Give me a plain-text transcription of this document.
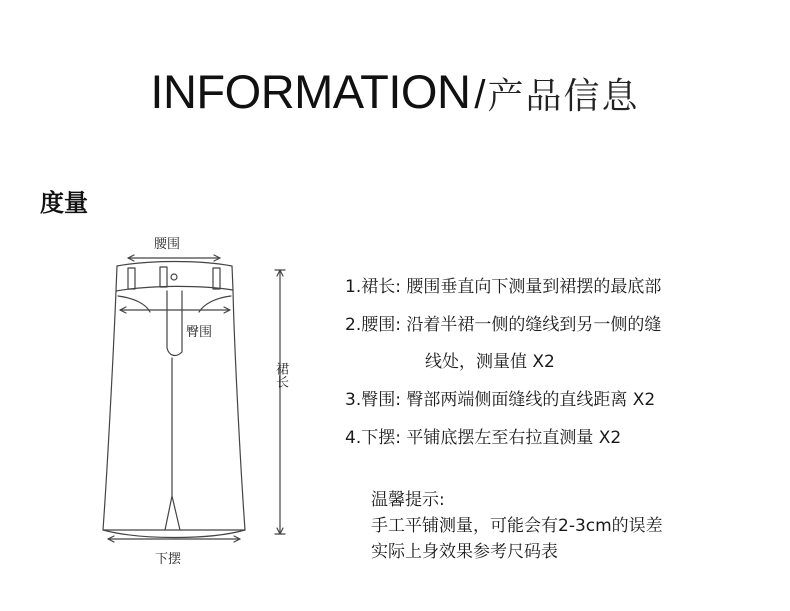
INFORMATION /产品信息
度量
腰围
臀围
裙长
下摆
1.裙长: 腰围垂直向下测量到裙摆的最底部
2.腰围: 沿着半裙一侧的缝线到另一侧的缝
线处，测量值 X2
3.臀围: 臀部两端侧面缝线的直线距离 X2
4.下摆: 平铺底摆左至右拉直测量 X2
温馨提示:
手工平铺测量，可能会有2-3cm的误差
实际上身效果参考尺码表
